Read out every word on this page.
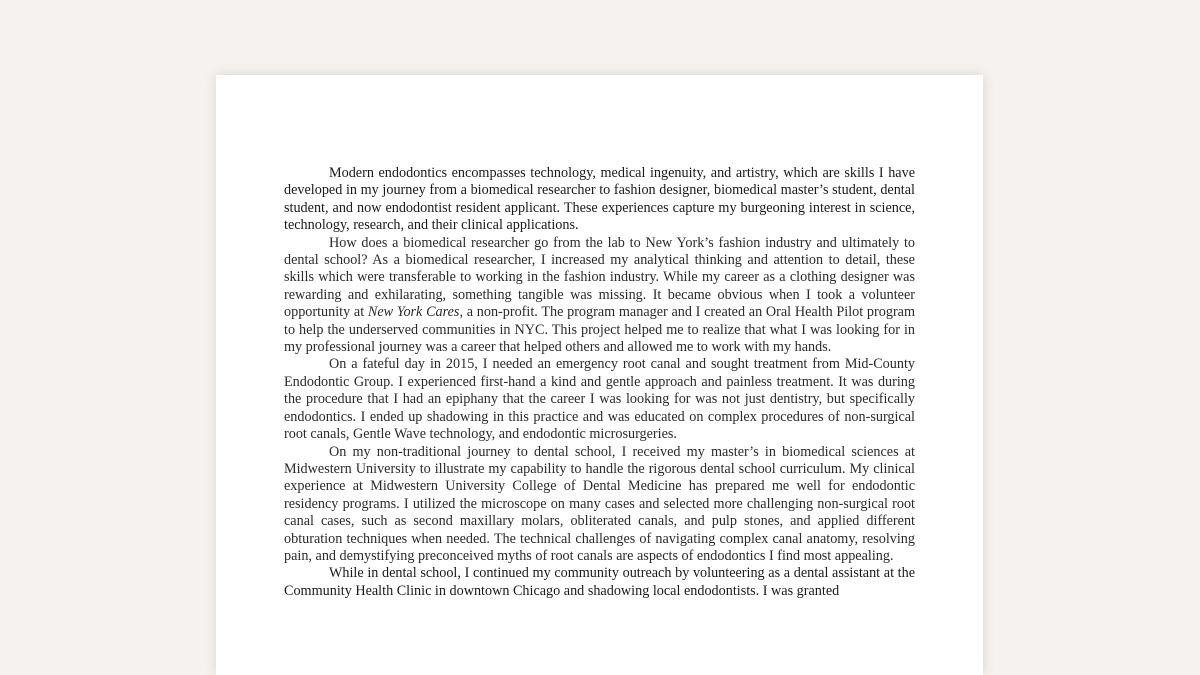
Modern endodontics encompasses technology, medical ingenuity, and artistry, which are skills I have developed in my journey from a biomedical researcher to fashion designer, biomedical master’s student, dental student, and now endodontist resident applicant. These experiences capture my burgeoning interest in science, technology, research, and their clinical applications.

How does a biomedical researcher go from the lab to New York’s fashion industry and ultimately to dental school? As a biomedical researcher, I increased my analytical thinking and attention to detail, these skills which were transferable to working in the fashion industry. While my career as a clothing designer was rewarding and exhilarating, something tangible was missing. It became obvious when I took a volunteer opportunity at New York Cares, a non-profit. The program manager and I created an Oral Health Pilot program to help the underserved communities in NYC. This project helped me to realize that what I was looking for in my professional journey was a career that helped others and allowed me to work with my hands.

On a fateful day in 2015, I needed an emergency root canal and sought treatment from Mid-County Endodontic Group. I experienced first-hand a kind and gentle approach and painless treatment. It was during the procedure that I had an epiphany that the career I was looking for was not just dentistry, but specifically endodontics. I ended up shadowing in this practice and was educated on complex procedures of non-surgical root canals, Gentle Wave technology, and endodontic microsurgeries.

On my non-traditional journey to dental school, I received my master’s in biomedical sciences at Midwestern University to illustrate my capability to handle the rigorous dental school curriculum. My clinical experience at Midwestern University College of Dental Medicine has prepared me well for endodontic residency programs. I utilized the microscope on many cases and selected more challenging non-surgical root canal cases, such as second maxillary molars, obliterated canals, and pulp stones, and applied different obturation techniques when needed. The technical challenges of navigating complex canal anatomy, resolving pain, and demystifying preconceived myths of root canals are aspects of endodontics I find most appealing.

While in dental school, I continued my community outreach by volunteering as a dental assistant at the Community Health Clinic in downtown Chicago and shadowing local endodontists. I was granted
